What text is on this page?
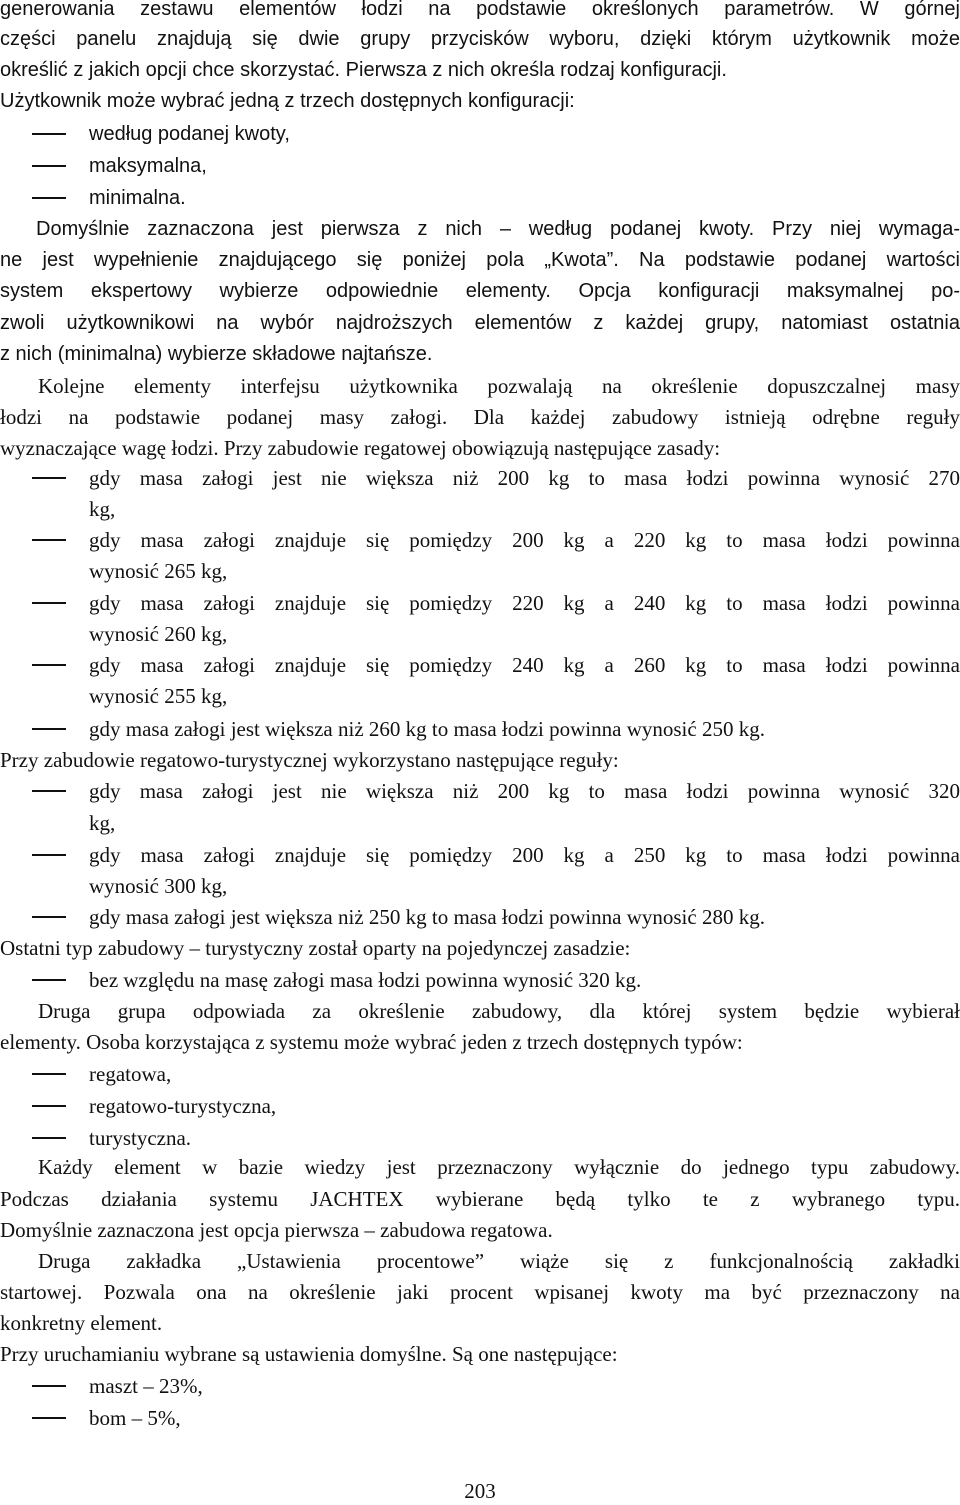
generowania zestawu elementów łodzi na podstawie określonych parametrów. W górnej
części panelu znajdują się dwie grupy przycisków wyboru, dzięki którym użytkownik może
określić z jakich opcji chce skorzystać. Pierwsza z nich określa rodzaj konfiguracji.
Użytkownik może wybrać jedną z trzech dostępnych konfiguracji:
według podanej kwoty,
maksymalna,
minimalna.
Domyślnie zaznaczona jest pierwsza z nich – według podanej kwoty. Przy niej wymaga-
ne jest wypełnienie znajdującego się poniżej pola „Kwota”. Na podstawie podanej wartości
system ekspertowy wybierze odpowiednie elementy. Opcja konfiguracji maksymalnej po-
zwoli użytkownikowi na wybór najdroższych elementów z każdej grupy, natomiast ostatnia
z nich (minimalna) wybierze składowe najtańsze.
Kolejne elementy interfejsu użytkownika pozwalają na określenie dopuszczalnej masy
łodzi na podstawie podanej masy załogi. Dla każdej zabudowy istnieją odrębne reguły
wyznaczające wagę łodzi. Przy zabudowie regatowej obowiązują następujące zasady:
gdy masa załogi jest nie większa niż 200 kg to masa łodzi powinna wynosić 270
kg,
gdy masa załogi znajduje się pomiędzy 200 kg a 220 kg to masa łodzi powinna
wynosić 265 kg,
gdy masa załogi znajduje się pomiędzy 220 kg a 240 kg to masa łodzi powinna
wynosić 260 kg,
gdy masa załogi znajduje się pomiędzy 240 kg a 260 kg to masa łodzi powinna
wynosić 255 kg,
gdy masa załogi jest większa niż 260 kg to masa łodzi powinna wynosić 250 kg.
Przy zabudowie regatowo-turystycznej wykorzystano następujące reguły:
gdy masa załogi jest nie większa niż 200 kg to masa łodzi powinna wynosić 320
kg,
gdy masa załogi znajduje się pomiędzy 200 kg a 250 kg to masa łodzi powinna
wynosić 300 kg,
gdy masa załogi jest większa niż 250 kg to masa łodzi powinna wynosić 280 kg.
Ostatni typ zabudowy – turystyczny został oparty na pojedynczej zasadzie:
bez względu na masę załogi masa łodzi powinna wynosić 320 kg.
Druga grupa odpowiada za określenie zabudowy, dla której system będzie wybierał
elementy. Osoba korzystająca z systemu może wybrać jeden z trzech dostępnych typów:
regatowa,
regatowo-turystyczna,
turystyczna.
Każdy element w bazie wiedzy jest przeznaczony wyłącznie do jednego typu zabudowy.
Podczas działania systemu JACHTEX wybierane będą tylko te z wybranego typu.
Domyślnie zaznaczona jest opcja pierwsza – zabudowa regatowa.
Druga zakładka „Ustawienia procentowe” wiąże się z funkcjonalnością zakładki
startowej. Pozwala ona na określenie jaki procent wpisanej kwoty ma być przeznaczony na
konkretny element.
Przy uruchamianiu wybrane są ustawienia domyślne. Są one następujące:
maszt – 23%,
bom – 5%,
203
